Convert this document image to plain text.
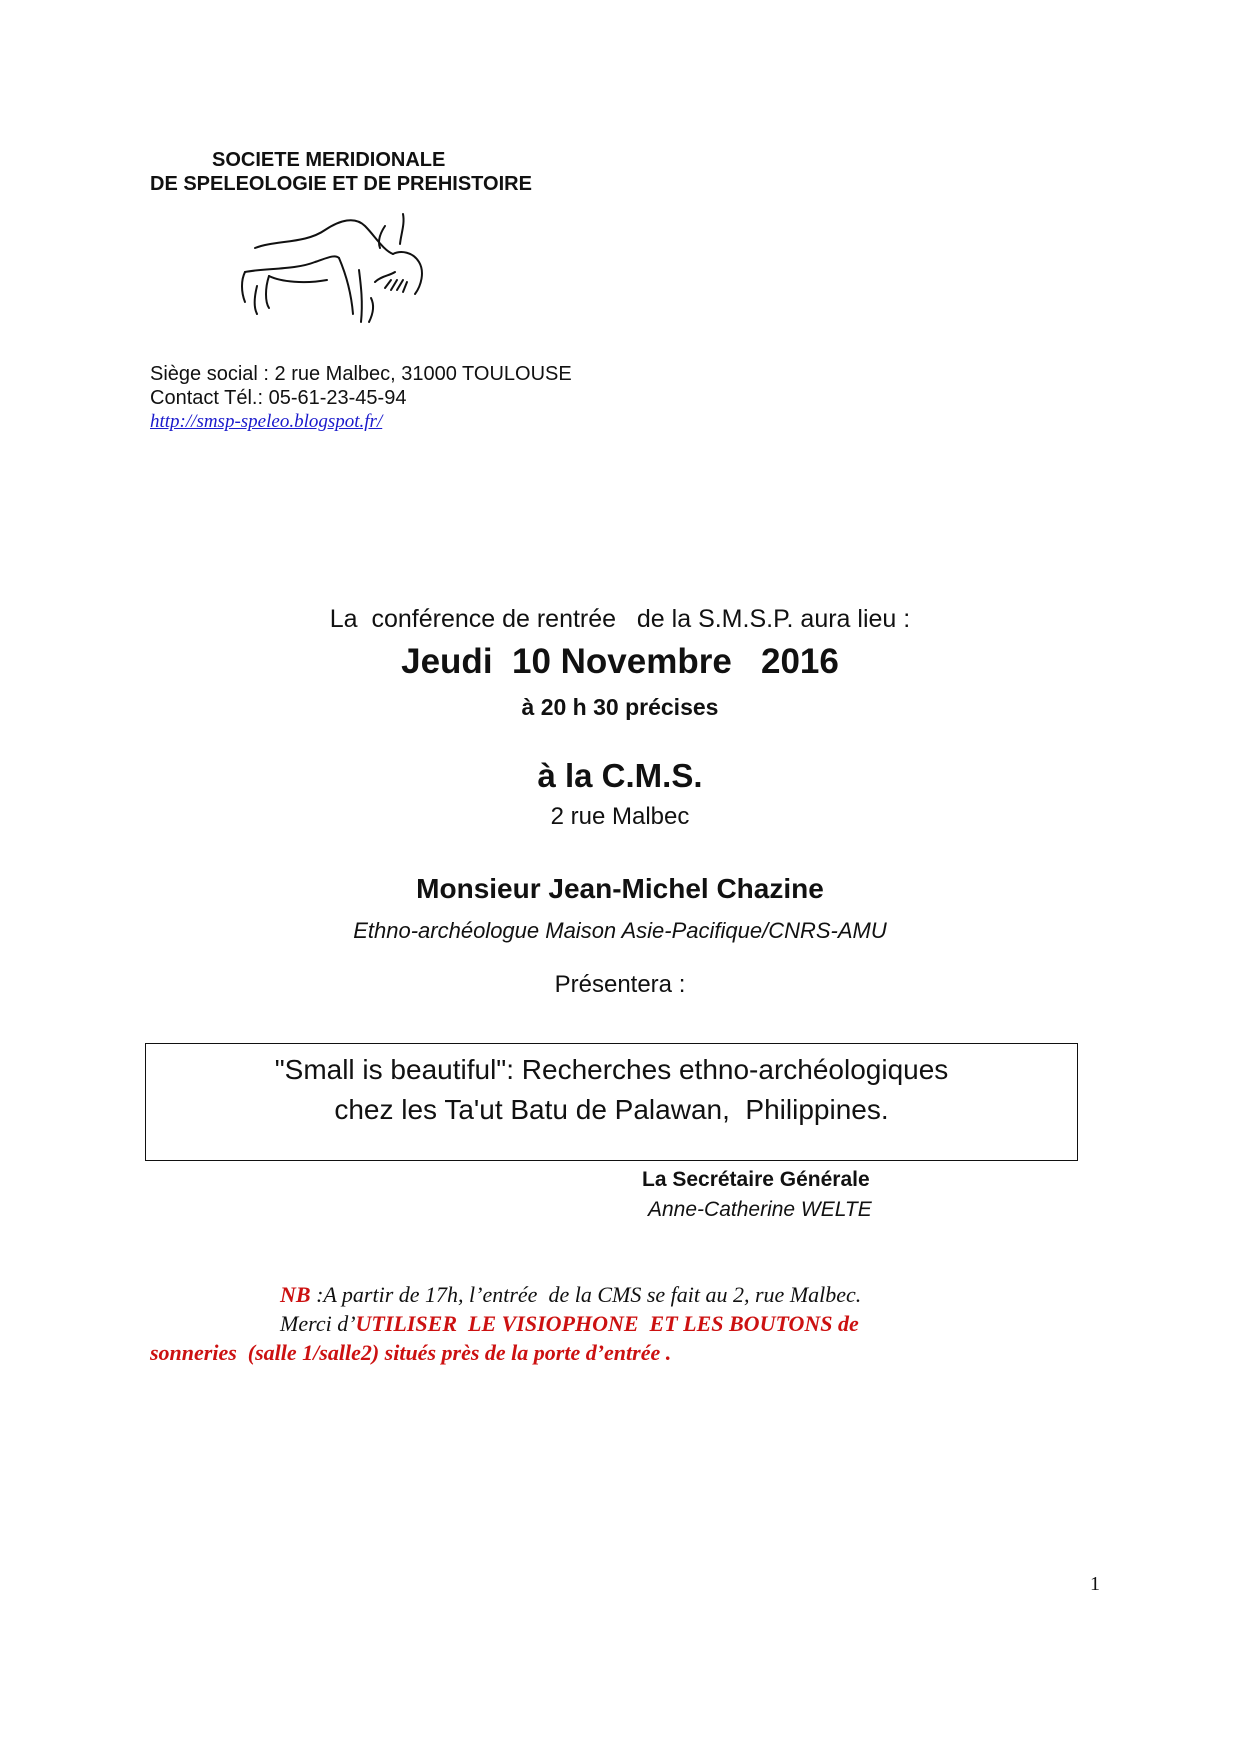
SOCIETE MERIDIONALE
DE SPELEOLOGIE ET DE PREHISTOIRE
Siège social : 2 rue Malbec, 31000 TOULOUSE
Contact Tél.: 05-61-23-45-94
http://smsp-speleo.blogspot.fr/
La  conférence de rentrée   de la S.M.S.P. aura lieu :
Jeudi  10 Novembre   2016
à 20 h 30 précises
à la C.M.S.
2 rue Malbec
Monsieur Jean-Michel Chazine
Ethno-archéologue Maison Asie-Pacifique/CNRS-AMU
Présentera :
"Small is beautiful": Recherches ethno-archéologiques
chez les Ta'ut Batu de Palawan,  Philippines.
La Secrétaire Générale
Anne-Catherine WELTE
NB :A partir de 17h, l’entrée  de la CMS se fait au 2, rue Malbec.
Merci d’UTILISER  LE VISIOPHONE  ET LES BOUTONS de
sonneries  (salle 1/salle2) situés près de la porte d’entrée .
1
